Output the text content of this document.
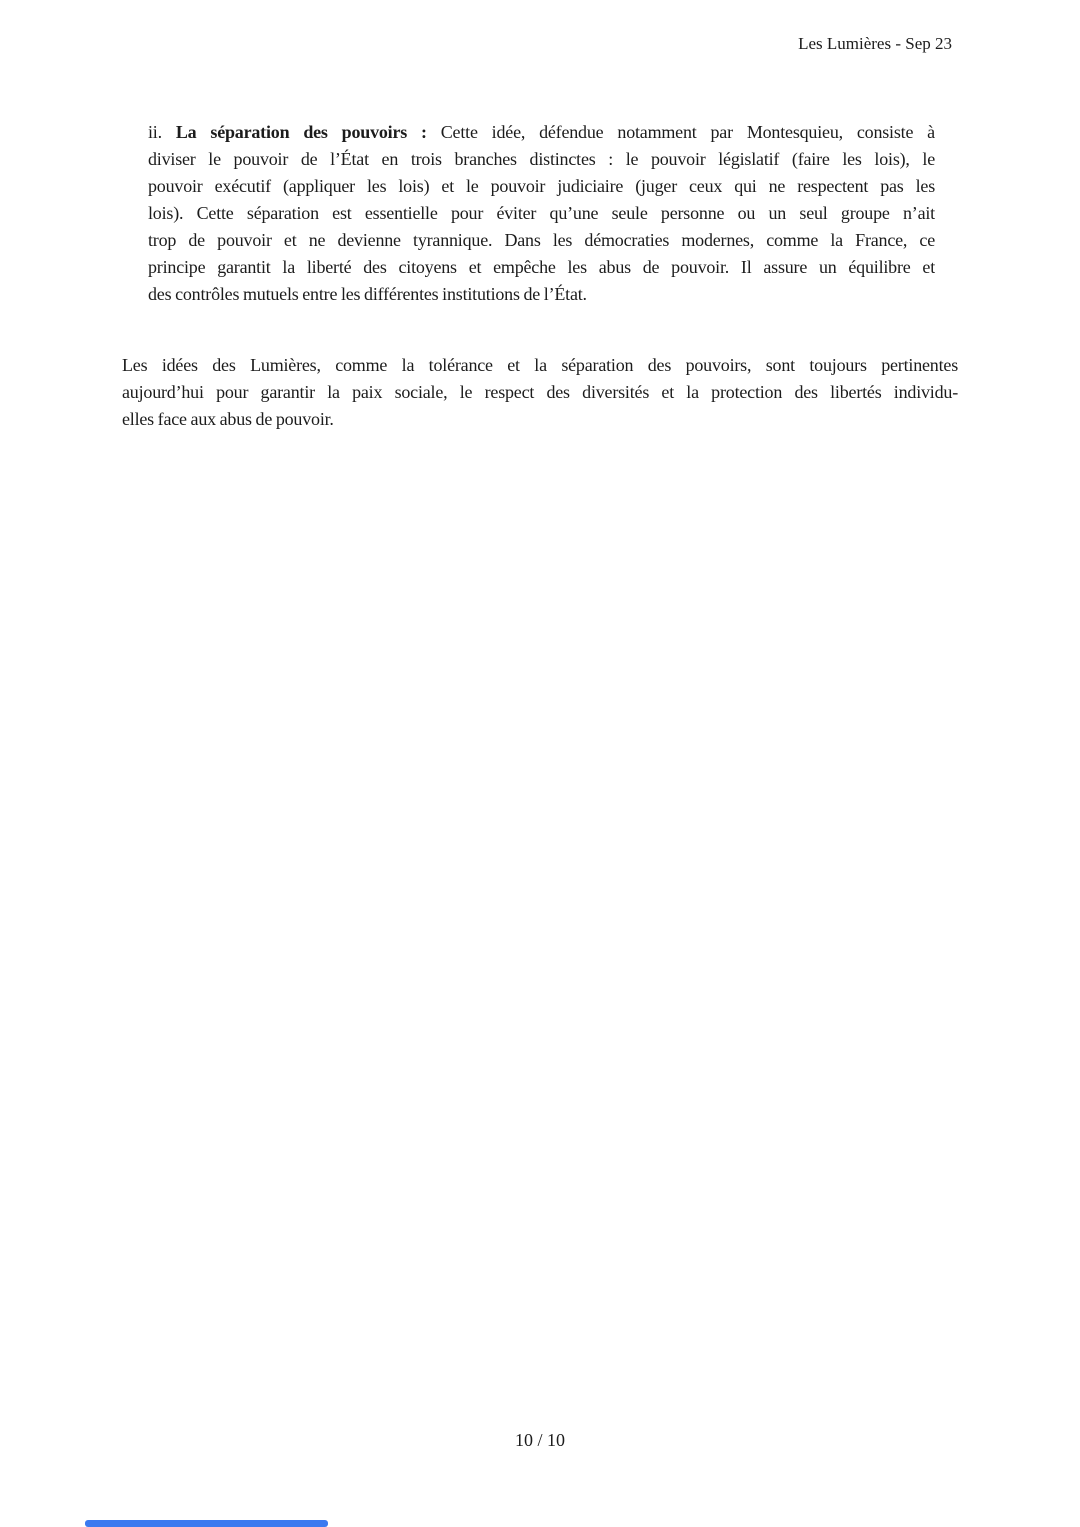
Les Lumières - Sep 23
ii. La séparation des pouvoirs : Cette idée, défendue notamment par Montesquieu, consiste à
diviser le pouvoir de l’État en trois branches distinctes : le pouvoir législatif (faire les lois), le
pouvoir exécutif (appliquer les lois) et le pouvoir judiciaire (juger ceux qui ne respectent pas les
lois). Cette séparation est essentielle pour éviter qu’une seule personne ou un seul groupe n’ait
trop de pouvoir et ne devienne tyrannique. Dans les démocraties modernes, comme la France, ce
principe garantit la liberté des citoyens et empêche les abus de pouvoir. Il assure un équilibre et
des contrôles mutuels entre les différentes institutions de l’État.
Les idées des Lumières, comme la tolérance et la séparation des pouvoirs, sont toujours pertinentes
aujourd’hui pour garantir la paix sociale, le respect des diversités et la protection des libertés individu-
elles face aux abus de pouvoir.
10 / 10
